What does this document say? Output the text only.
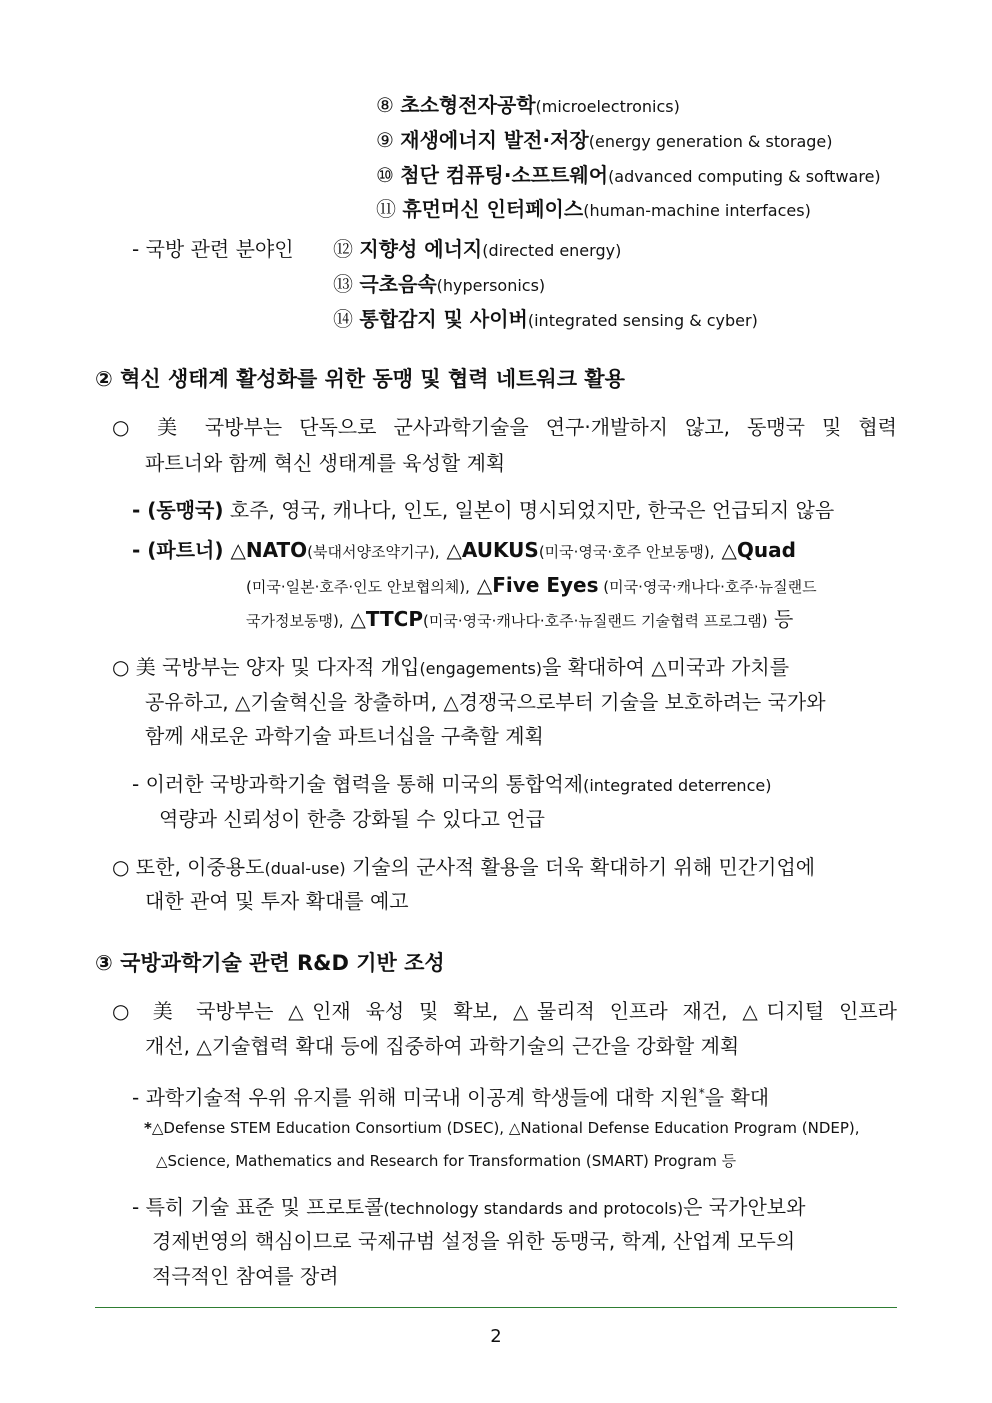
⑧ 초소형전자공학(microelectronics)
⑨ 재생에너지 발전·저장(energy generation & storage)
⑩ 첨단 컴퓨팅·소프트웨어(advanced computing & software)
⑪ 휴먼머신 인터페이스(human-machine interfaces)
- 국방 관련 분야인 ⑫ 지향성 에너지(directed energy)
⑬ 극초음속(hypersonics)
⑭ 통합감지 및 사이버(integrated sensing & cyber)
② 혁신 생태계 활성화를 위한 동맹 및 협력 네트워크 활용
○ 美 국방부는 단독으로 군사과학기술을 연구·개발하지 않고, 동맹국 및 협력
파트너와 함께 혁신 생태계를 육성할 계획
- (동맹국) 호주, 영국, 캐나다, 인도, 일본이 명시되었지만, 한국은 언급되지 않음
- (파트너) △NATO(북대서양조약기구), △AUKUS(미국·영국·호주 안보동맹), △Quad
(미국·일본·호주·인도 안보협의체), △Five Eyes (미국·영국·캐나다·호주·뉴질랜드
국가정보동맹), △TTCP(미국·영국·캐나다·호주·뉴질랜드 기술협력 프로그램) 등
○ 美 국방부는 양자 및 다자적 개입(engagements)을 확대하여 △미국과 가치를
공유하고, △기술혁신을 창출하며, △경쟁국으로부터 기술을 보호하려는 국가와
함께 새로운 과학기술 파트너십을 구축할 계획
- 이러한 국방과학기술 협력을 통해 미국의 통합억제(integrated deterrence)
역량과 신뢰성이 한층 강화될 수 있다고 언급
○ 또한, 이중용도(dual-use) 기술의 군사적 활용을 더욱 확대하기 위해 민간기업에
대한 관여 및 투자 확대를 예고
③ 국방과학기술 관련 R&D 기반 조성
○ 美 국방부는 △인재 육성 및 확보, △물리적 인프라 재건, △디지털 인프라
개선, △기술협력 확대 등에 집중하여 과학기술의 근간을 강화할 계획
- 과학기술적 우위 유지를 위해 미국내 이공계 학생들에 대학 지원*을 확대
*△Defense STEM Education Consortium (DSEC), △National Defense Education Program (NDEP),
△Science, Mathematics and Research for Transformation (SMART) Program 등
- 특히 기술 표준 및 프로토콜(technology standards and protocols)은 국가안보와
경제번영의 핵심이므로 국제규범 설정을 위한 동맹국, 학계, 산업계 모두의
적극적인 참여를 장려
2
